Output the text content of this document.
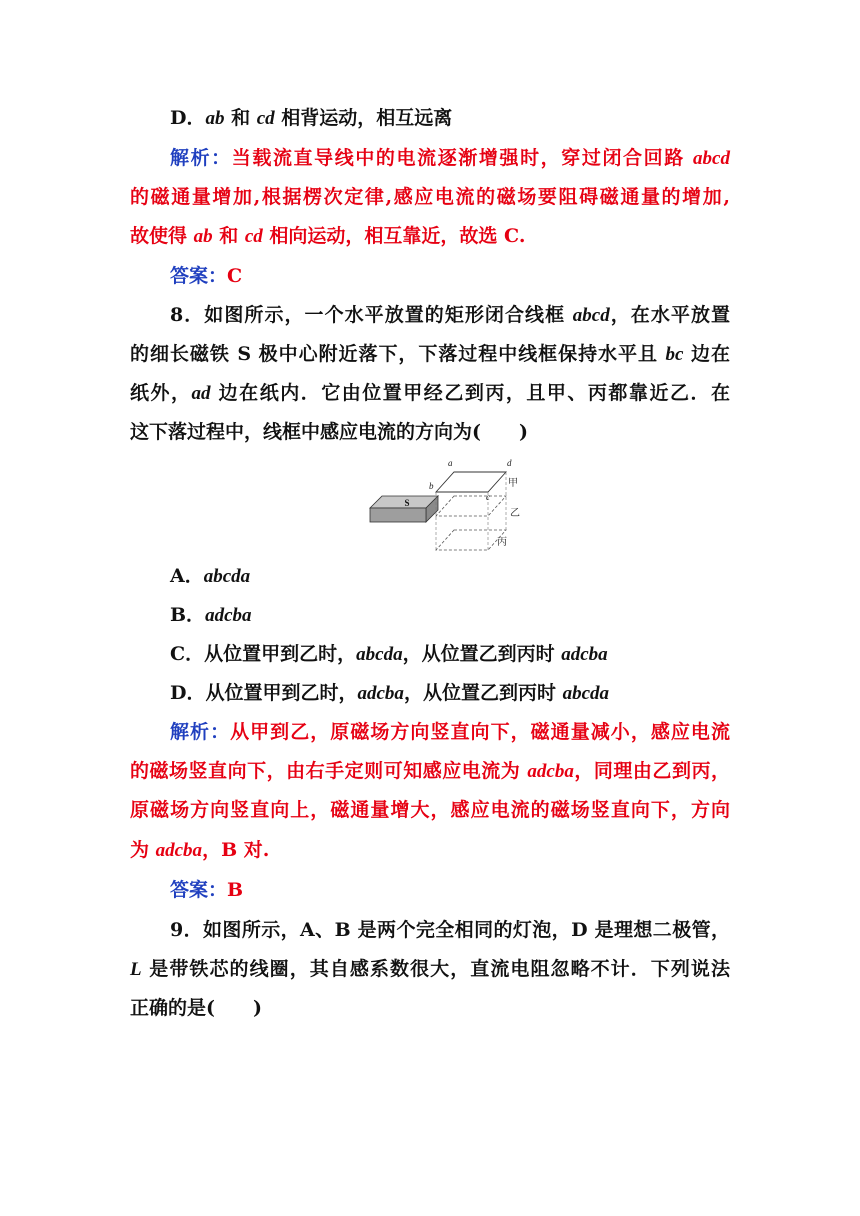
D．ab 和 cd 相背运动，相互远离
解析：当载流直导线中的电流逐渐增强时，穿过闭合回路 abcd
的磁通量增加,根据楞次定律,感应电流的磁场要阻碍磁通量的增加,
故使得 ab 和 cd 相向运动，相互靠近，故选 C.
答案：C
8．如图所示，一个水平放置的矩形闭合线框 abcd，在水平放置
的细长磁铁 S 极中心附近落下，下落过程中线框保持水平且 bc 边在
纸外，ad 边在纸内．它由位置甲经乙到丙，且甲、丙都靠近乙．在
这下落过程中，线框中感应电流的方向为(　　)
S
a	d
b
c
甲
乙
丙
A．abcda
B．adcba
C．从位置甲到乙时，abcda，从位置乙到丙时 adcba
D．从位置甲到乙时，adcba，从位置乙到丙时 abcda
解析：从甲到乙，原磁场方向竖直向下，磁通量减小，感应电流
的磁场竖直向下，由右手定则可知感应电流为 adcba，同理由乙到丙，
原磁场方向竖直向上，磁通量增大，感应电流的磁场竖直向下，方向
为 adcba，B 对.
答案：B
9．如图所示，A、B 是两个完全相同的灯泡，D 是理想二极管，
L 是带铁芯的线圈，其自感系数很大，直流电阻忽略不计．下列说法
正确的是(　　)
